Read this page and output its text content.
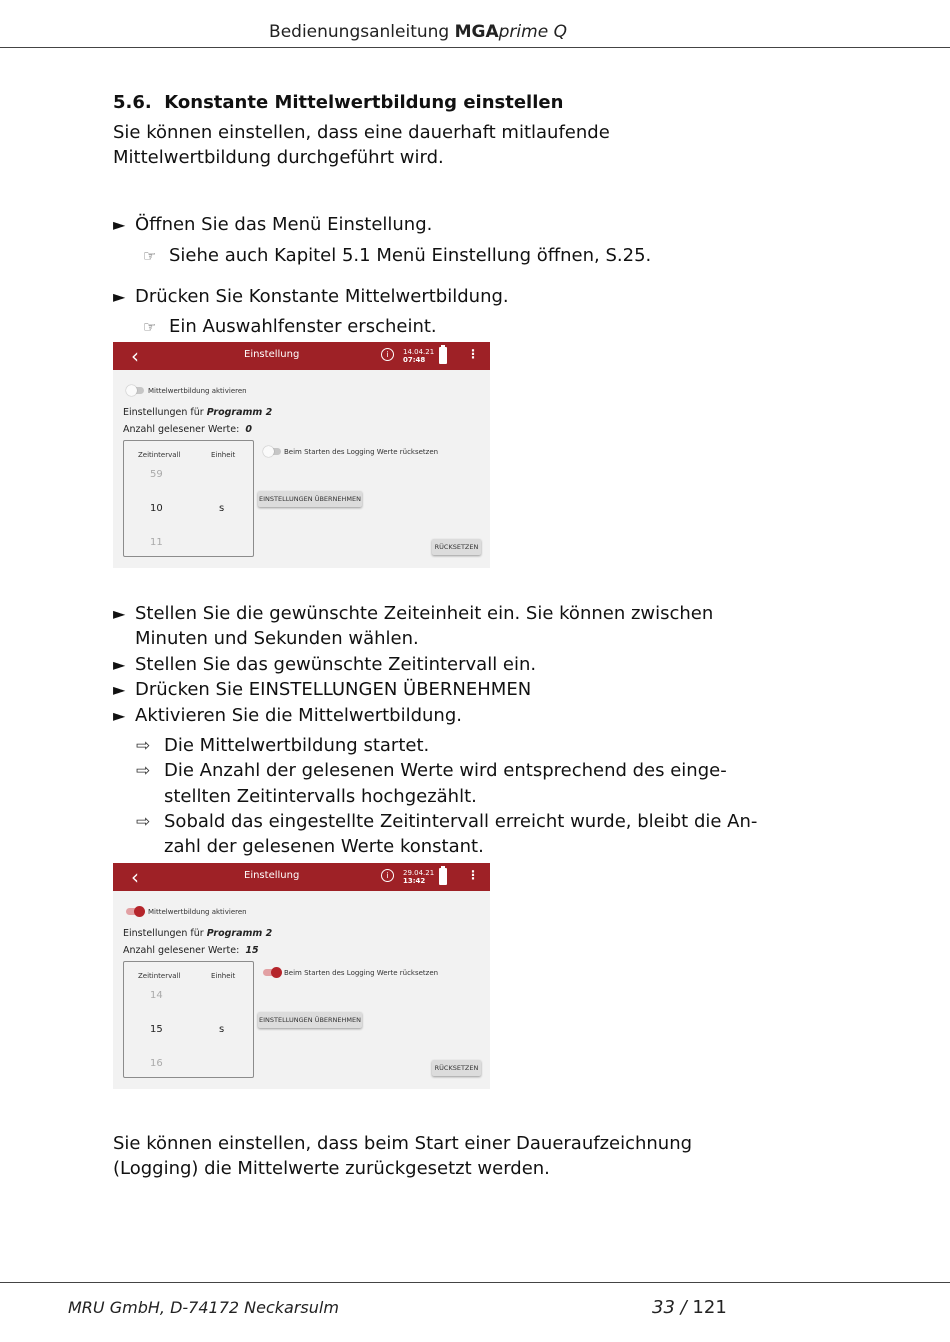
Bedienungsanleitung MGAprime Q
5.6. Konstante Mittelwertbildung einstellen
Sie können einstellen, dass eine dauerhaft mitlaufende
Mittelwertbildung durchgeführt wird.
► Öffnen Sie das Menü Einstellung.
☞ Siehe auch Kapitel 5.1 Menü Einstellung öffnen, S.25.
► Drücken Sie Konstante Mittelwertbildung.
☞ Ein Auswahlfenster erscheint.
‹	Einstellung	i	14.04.21
07:48	⋮
Mittelwertbildung aktivieren
Einstellungen für Programm 2
Anzahl gelesener Werte: 0
Zeitintervall	Einheit
59
10	s
11
Beim Starten des Logging Werte rücksetzen
EINSTELLUNGEN ÜBERNEHMEN
RÜCKSETZEN
► Stellen Sie die gewünschte Zeiteinheit ein. Sie können zwischen
Minuten und Sekunden wählen.
► Stellen Sie das gewünschte Zeitintervall ein.
► Drücken Sie EINSTELLUNGEN ÜBERNEHMEN
► Aktivieren Sie die Mittelwertbildung.
⇨ Die Mittelwertbildung startet.
⇨ Die Anzahl der gelesenen Werte wird entsprechend des einge-
stellten Zeitintervalls hochgezählt.
⇨ Sobald das eingestellte Zeitintervall erreicht wurde, bleibt die An-
zahl der gelesenen Werte konstant.
‹	Einstellung	i	29.04.21
13:42	⋮
Mittelwertbildung aktivieren
Einstellungen für Programm 2
Anzahl gelesener Werte: 15
Zeitintervall	Einheit
14
15	s
16
Beim Starten des Logging Werte rücksetzen
EINSTELLUNGEN ÜBERNEHMEN
RÜCKSETZEN
Sie können einstellen, dass beim Start einer Daueraufzeichnung
(Logging) die Mittelwerte zurückgesetzt werden.
MRU GmbH, D-74172 Neckarsulm	33 / 121
